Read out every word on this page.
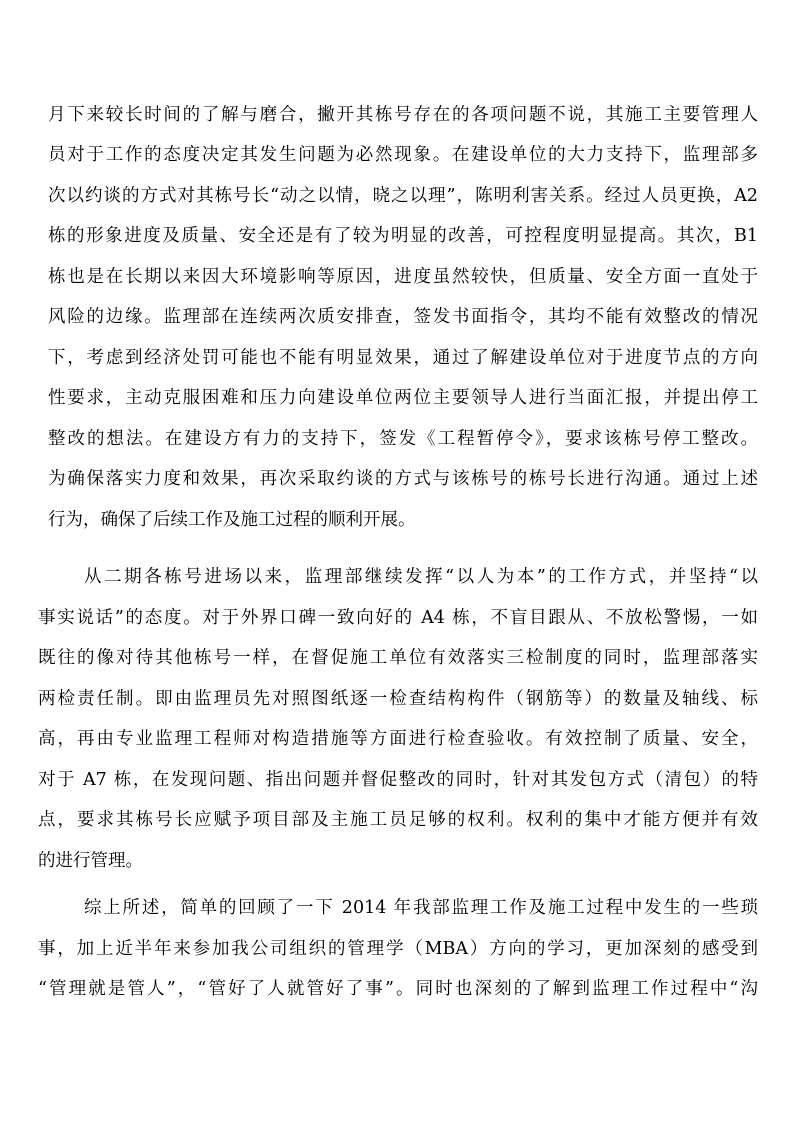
月下来较长时间的了解与磨合，撇开其栋号存在的各项问题不说，其施工主要管理人

员对于工作的态度决定其发生问题为必然现象。在建设单位的大力支持下，监理部多

次以约谈的方式对其栋号长“动之以情，晓之以理”，陈明利害关系。经过人员更换，A2

栋的形象进度及质量、安全还是有了较为明显的改善，可控程度明显提高。其次，B1

栋也是在长期以来因大环境影响等原因，进度虽然较快，但质量、安全方面一直处于

风险的边缘。监理部在连续两次质安排查，签发书面指令，其均不能有效整改的情况

下，考虑到经济处罚可能也不能有明显效果，通过了解建设单位对于进度节点的方向

性要求，主动克服困难和压力向建设单位两位主要领导人进行当面汇报，并提出停工

整改的想法。在建设方有力的支持下，签发《工程暂停令》，要求该栋号停工整改。

为确保落实力度和效果，再次采取约谈的方式与该栋号的栋号长进行沟通。通过上述

行为，确保了后续工作及施工过程的顺利开展。

从二期各栋号进场以来，监理部继续发挥“以人为本”的工作方式，并坚持“以

事实说话”的态度。对于外界口碑一致向好的 A4 栋，不盲目跟从、不放松警惕，一如

既往的像对待其他栋号一样，在督促施工单位有效落实三检制度的同时，监理部落实

两检责任制。即由监理员先对照图纸逐一检查结构构件（钢筋等）的数量及轴线、标

高，再由专业监理工程师对构造措施等方面进行检查验收。有效控制了质量、安全，

对于 A7 栋，在发现问题、指出问题并督促整改的同时，针对其发包方式（清包）的特

点，要求其栋号长应赋予项目部及主施工员足够的权利。权利的集中才能方便并有效

的进行管理。

综上所述，简单的回顾了一下 2014 年我部监理工作及施工过程中发生的一些琐

事，加上近半年来参加我公司组织的管理学（MBA）方向的学习，更加深刻的感受到

“管理就是管人”，“管好了人就管好了事”。同时也深刻的了解到监理工作过程中“沟
